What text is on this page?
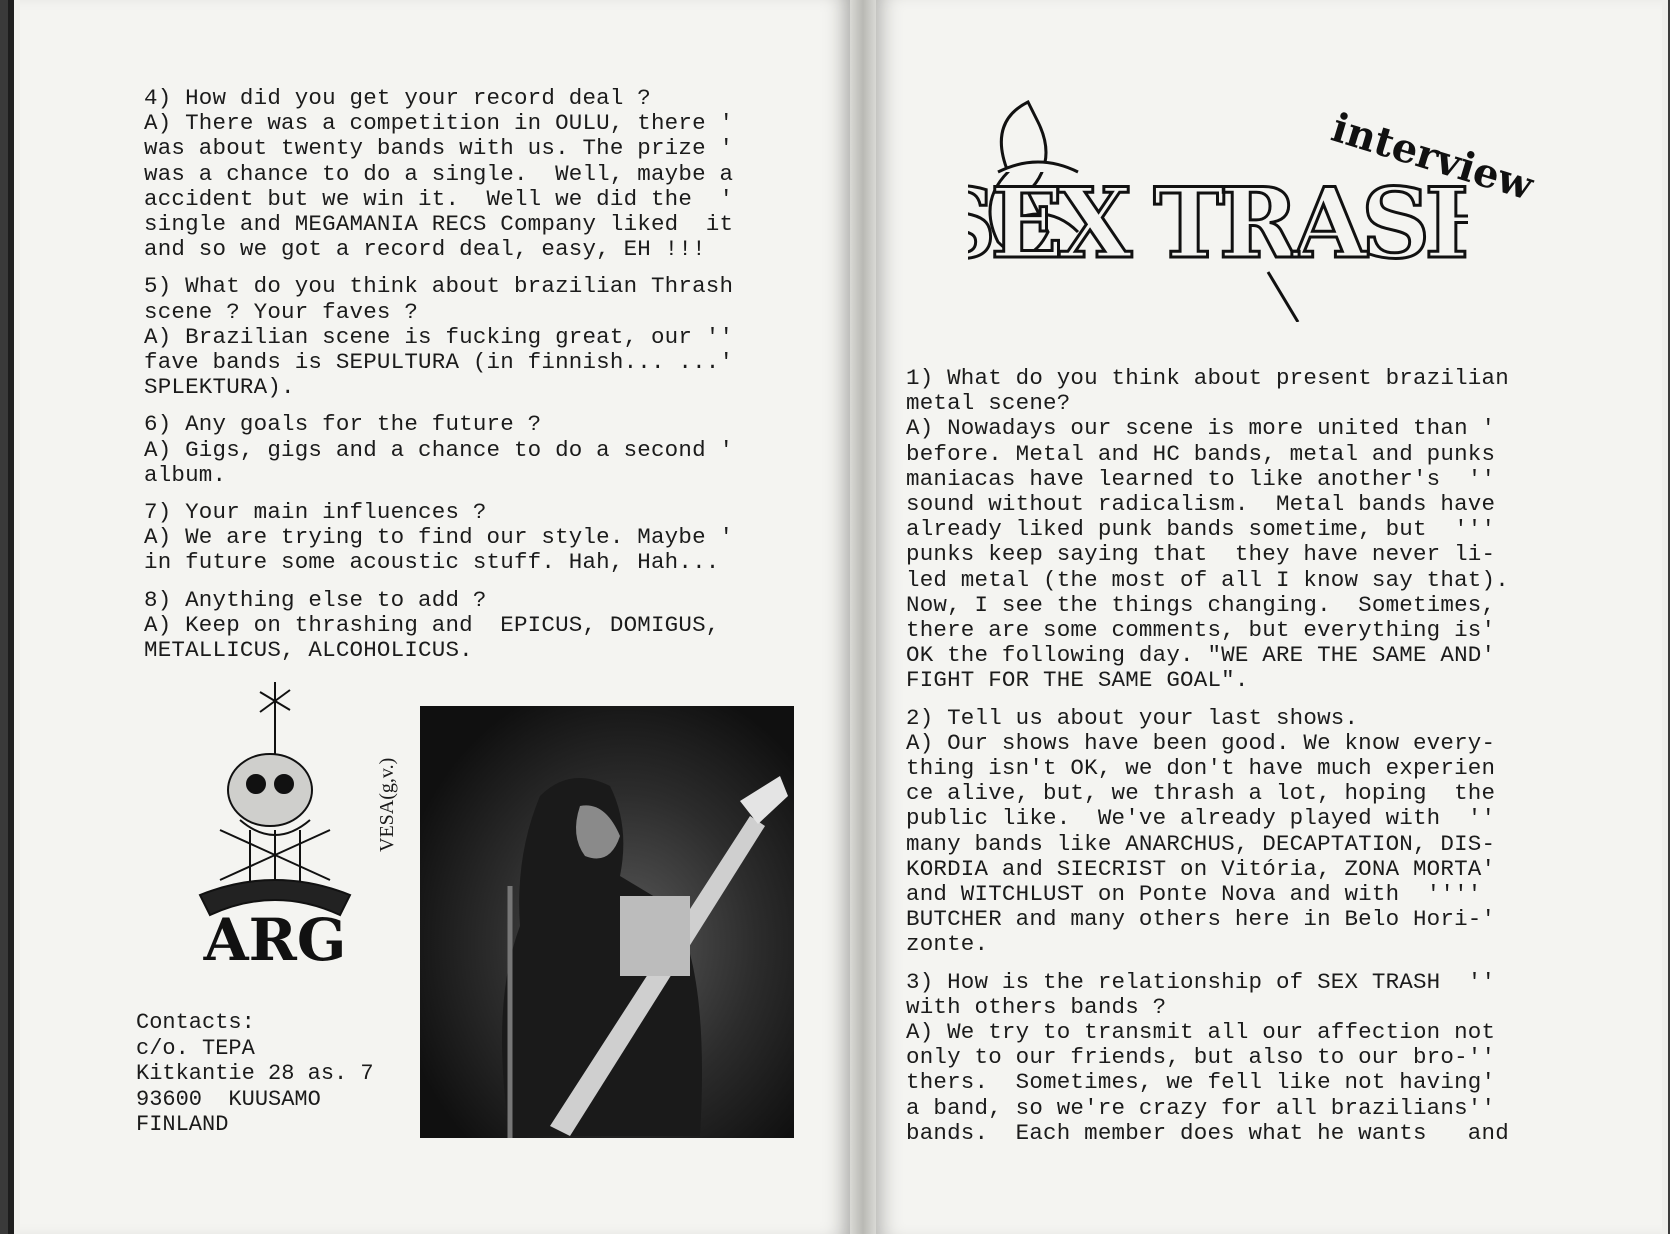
4) How did you get your record deal ?

A) There was a competition in OULU, there '

was about twenty bands with us. The prize '

was a chance to do a single.  Well, maybe a

accident but we win it.  Well we did the  '

single and MEGAMANIA RECS Company liked  it

and so we got a record deal, easy, EH !!!

5) What do you think about brazilian Thrash

scene ? Your faves ?

A) Brazilian scene is fucking great, our ''

fave bands is SEPULTURA (in finnish... ...'

SPLEKTURA).

6) Any goals for the future ?

A) Gigs, gigs and a chance to do a second '

album.

7) Your main influences ?

A) We are trying to find our style. Maybe '

in future some acoustic stuff. Hah, Hah...

8) Anything else to add ?

A) Keep on thrashing and  EPICUS, DOMIGUS,

METALLICUS, ALCOHOLICUS.

ARG
VESA(g,v.)
Contacts:
c/o. TEPA
Kitkantie 28 as. 7
93600  KUUSAMO
FINLAND
EX TRAS
interview

1) What do you think about present brazilian

metal scene?

A) Nowadays our scene is more united than '

before. Metal and HC bands, metal and punks

maniacas have learned to like another's  ''

sound without radicalism.  Metal bands have

already liked punk bands sometime, but  '''

punks keep saying that  they have never li-

led metal (the most of all I know say that).

Now, I see the things changing.  Sometimes,

there are some comments, but everything is'

OK the following day. "WE ARE THE SAME AND'

FIGHT FOR THE SAME GOAL".

2) Tell us about your last shows.

A) Our shows have been good. We know every-

thing isn't OK, we don't have much experien

ce alive, but, we thrash a lot, hoping  the

public like.  We've already played with  ''

many bands like ANARCHUS, DECAPTATION, DIS-

KORDIA and SIECRIST on Vitória, ZONA MORTA'

and WITCHLUST on Ponte Nova and with  ''''

BUTCHER and many others here in Belo Hori-'

zonte.

3) How is the relationship of SEX TRASH  ''

with others bands ?

A) We try to transmit all our affection not

only to our friends, but also to our bro-''

thers.  Sometimes, we fell like not having'

a band, so we're crazy for all brazilians''

bands.  Each member does what he wants   and
